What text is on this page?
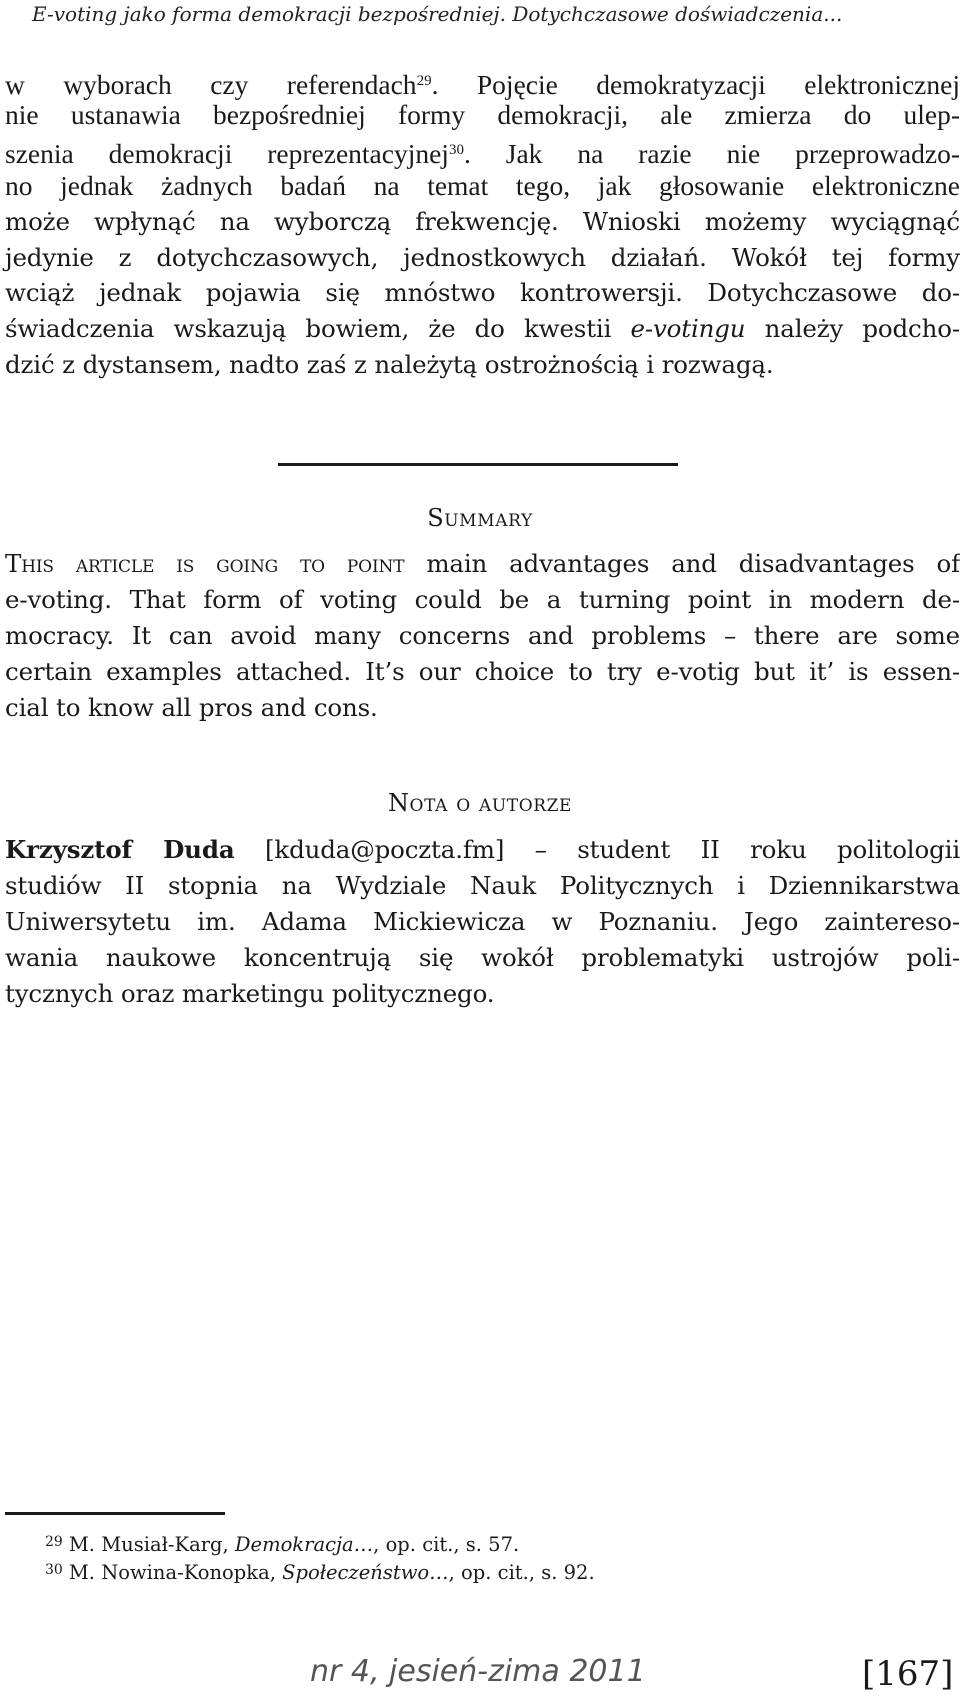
E-voting jako forma demokracji bezpośredniej. Dotychczasowe doświadczenia...
w wyborach czy referendach$^{29}$. Pojęcie demokratyzacji elektronicznej
nie ustanawia bezpośredniej formy demokracji, ale zmierza do ulep-
szenia demokracji reprezentacyjnej$^{30}$. Jak na razie nie przeprowadzo-
no jednak żadnych badań na temat tego, jak głosowanie elektroniczne
może wpłynąć na wyborczą frekwencję. Wnioski możemy wyciągnąć
jedynie z dotychczasowych, jednostkowych działań. Wokół tej formy
wciąż jednak pojawia się mnóstwo kontrowersji. Dotychczasowe do-
świadczenia wskazują bowiem, że do kwestii e-votingu należy podcho-
dzić z dystansem, nadto zaś z należytą ostrożnością i rozwagą.
Summary
This article is going to point main advantages and disadvantages of
e-voting. That form of voting could be a turning point in modern de-
mocracy. It can avoid many concerns and problems – there are some
certain examples attached. It’s our choice to try e-votig but it’ is essen-
cial to know all pros and cons.
Nota o autorze
Krzysztof Duda [kduda@poczta.fm] – student II roku politologii
studiów II stopnia na Wydziale Nauk Politycznych i Dziennikarstwa
Uniwersytetu im. Adama Mickiewicza w Poznaniu. Jego zaintereso-
wania naukowe koncentrują się wokół problematyki ustrojów poli-
tycznych oraz marketingu politycznego.
$^{29}$ M. Musiał-Karg, Demokracja…, op. cit., s. 57.
$^{30}$ M. Nowina-Konopka, Społeczeństwo…, op. cit., s. 92.
nr 4, jesień-zima 2011	[167]
